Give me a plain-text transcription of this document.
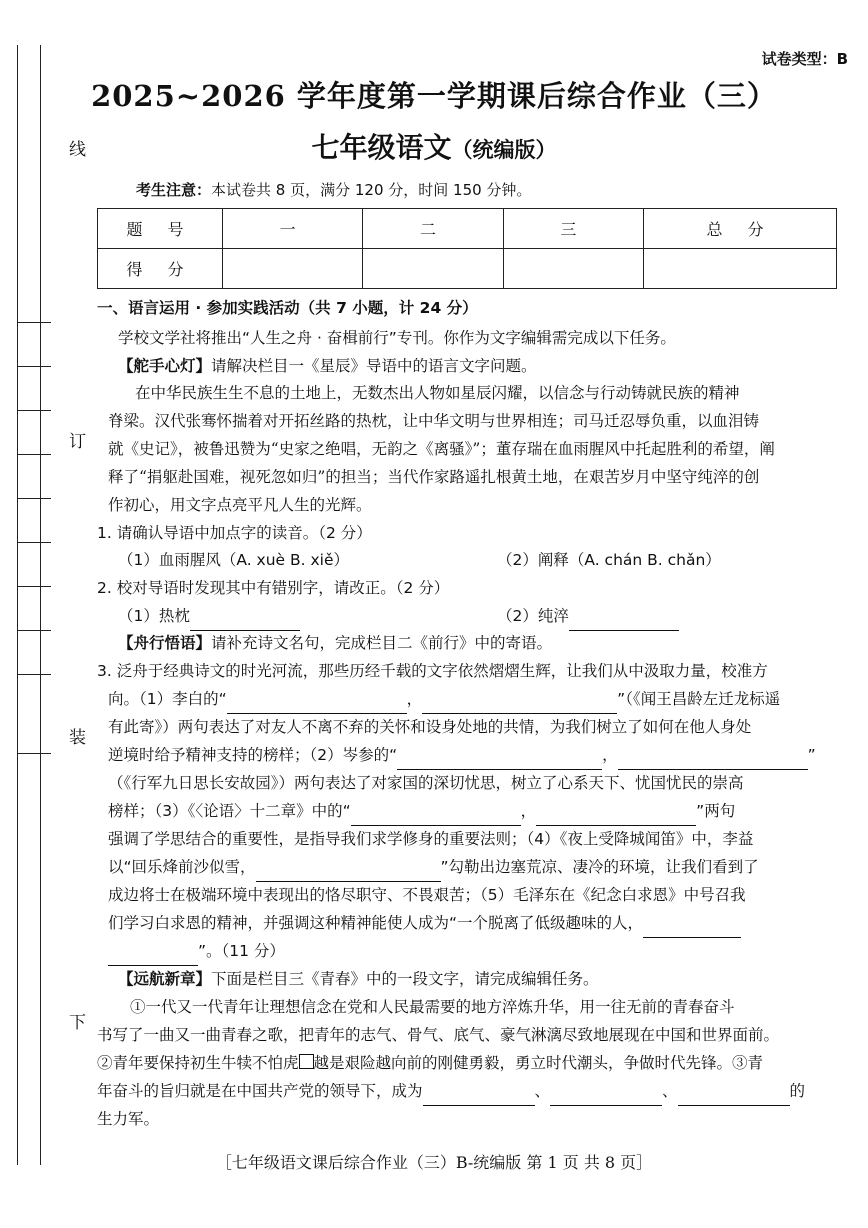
线
订
装
下
试卷类型：B
2025~2026 学年度第一学期课后综合作业（三）
七年级语文（统编版）
考生注意：本试卷共 8 页，满分 120 分，时间 150 分钟。
题 号	一	二	三	总 分
得 分				
一、语言运用 · 参加实践活动（共 7 小题，计 24 分）
学校文学社将推出“人生之舟 · 奋楫前行”专刊。你作为文字编辑需完成以下任务。
【舵手心灯】请解决栏目一《星辰》导语中的语言文字问题。
在中华民族生生不息的土地上，无数杰出人物如星辰闪耀，以信念与行动铸就民族的精神
脊梁。汉代张骞怀揣着对开拓丝路的热枕，让中华文明与世界相连；司马迁忍辱负重，以血泪铸
就《史记》，被鲁迅赞为“史家之绝唱，无韵之《离骚》”；董存瑞在血雨腥风中托起胜利的希望，阐
释了“捐躯赴国难，视死忽如归”的担当；当代作家路遥扎根黄土地，在艰苦岁月中坚守纯淬的创
作初心，用文字点亮平凡人生的光辉。
1. 请确认导语中加点字的读音。（2 分）
（1）血雨腥风（A. xuè B. xiě）	（2）阐释（A. chán B. chǎn）
2. 校对导语时发现其中有错别字，请改正。（2 分）
（1）热枕	（2）纯淬
【舟行悟语】请补充诗文名句，完成栏目二《前行》中的寄语。
3. 泛舟于经典诗文的时光河流，那些历经千载的文字依然熠熠生辉，让我们从中汲取力量，校准方
向。（1）李白的“	，	”（《闻王昌龄左迁龙标遥
有此寄》）两句表达了对友人不离不弃的关怀和设身处地的共情，为我们树立了如何在他人身处
逆境时给予精神支持的榜样；（2）岑参的“	，	”
（《行军九日思长安故园》）两句表达了对家国的深切忧思，树立了心系天下、忧国忧民的崇高
榜样；（3）《〈论语〉十二章》中的“	，	”两句
强调了学思结合的重要性，是指导我们求学修身的重要法则；（4）《夜上受降城闻笛》中，李益
以“回乐烽前沙似雪，	”勾勒出边塞荒凉、凄冷的环境，让我们看到了
成边将士在极端环境中表现出的恪尽职守、不畏艰苦；（5）毛泽东在《纪念白求恩》中号召我
们学习白求恩的精神，并强调这种精神能使人成为“一个脱离了低级趣味的人，
”。（11 分）
【远航新章】下面是栏目三《青春》中的一段文字，请完成编辑任务。
①一代又一代青年让理想信念在党和人民最需要的地方淬炼升华，用一往无前的青春奋斗
书写了一曲又一曲青春之歌，把青年的志气、骨气、底气、豪气淋漓尽致地展现在中国和世界面前。
②青年要保持初生牛犊不怕虎 越是艰险越向前的刚健勇毅，勇立时代潮头，争做时代先锋。③青
年奋斗的旨归就是在中国共产党的领导下，成为	、	、	的
生力军。
［七年级语文课后综合作业（三）B-统编版 第 1 页 共 8 页］
